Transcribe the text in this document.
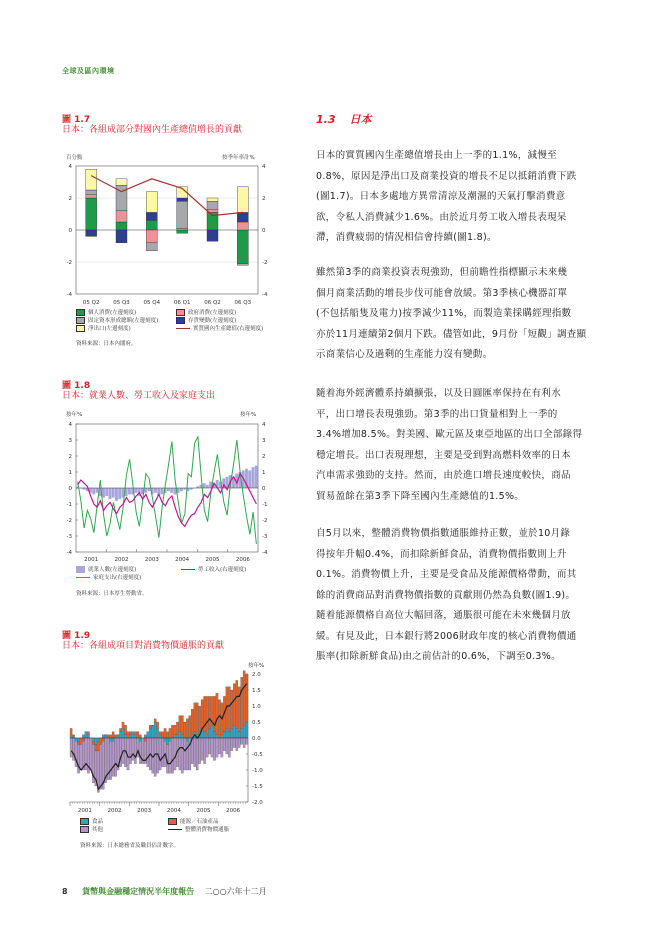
全球及區內環境
圖 1.7
日本：各組成部分對國內生產總值增長的貢獻
百分點	按季年率計%
-4	-4
-2	-2
0	0
2	2
4	4
05 Q2	05 Q3	05 Q4	06 Q1	06 Q2	06 Q3
個人消費(左邊刻度)	政府消費(左邊刻度)
固定資本形成總額(左邊刻度)	存貨變動(左邊刻度)
淨出口(左邊刻度)	實質國內生產總值(右邊刻度)
資料來源：日本內閣府。
圖 1.8
日本：就業人數、勞工收入及家庭支出
按年%	按年%
-4	-4
-3	-3
-2	-2
-1	-1
0	0
1	1
2	2
3	3
4	4
2001	2002	2003	2004	2005	2006
就業人數(左邊刻度)	勞工收入(右邊刻度)
家庭支出(右邊刻度)
資料來源：日本厚生勞動省。
圖 1.9
日本：各組成項目對消費物價通脹的貢獻
按年%
-2.0
-1.5
-1.0
-0.5
0.0
0.5
1.0
1.5
2.0
2001	2002	2003	2004	2005	2006
食品	能源／石油產品
其他	整體消費物價通脹
資料來源：日本總務省及職員估計數字。
1.3 日本
日本的實質國內生產總值增長由上一季的1.1%，減慢至
0.8%，原因是淨出口及商業投資的增長不足以抵銷消費下跌
(圖1.7)。日本多處地方異常清涼及潮濕的天氣打擊消費意
欲，令私人消費減少1.6%。由於近月勞工收入增長表現呆
滯，消費疲弱的情況相信會持續(圖1.8)。
雖然第3季的商業投資表現強勁，但前瞻性指標顯示未來幾
個月商業活動的增長步伐可能會放緩。第3季核心機器訂單
(不包括船隻及電力)按季減少11%，而製造業採購經理指數
亦於11月連續第2個月下跌。儘管如此，9月份「短觀」調查顯
示商業信心及過剩的生產能力沒有變動。
隨着海外經濟體系持續擴張，以及日圓匯率保持在有利水
平，出口增長表現強勁。第3季的出口貨量相對上一季的
3.4%增加8.5%。對美國、歐元區及東亞地區的出口全部錄得
穩定增長。出口表現理想，主要是受到對高燃料效率的日本
汽車需求強勁的支持。然而，由於進口增長速度較快，商品
貿易盈餘在第3季下降至國內生產總值的1.5%。
自5月以來，整體消費物價指數通脹維持正數，並於10月錄
得按年升幅0.4%，而扣除新鮮食品，消費物價指數則上升
0.1%。消費物價上升，主要是受食品及能源價格帶動，而其
餘的消費商品對消費物價指數的貢獻則仍然為負數(圖1.9)。
隨着能源價格自高位大幅回落，通脹很可能在未來幾個月放
緩。有見及此，日本銀行將2006財政年度的核心消費物價通
脹率(扣除新鮮食品)由之前估計的0.6%，下調至0.3%。
8 貨幣與金融穩定情況半年度報告 二○○六年十二月
